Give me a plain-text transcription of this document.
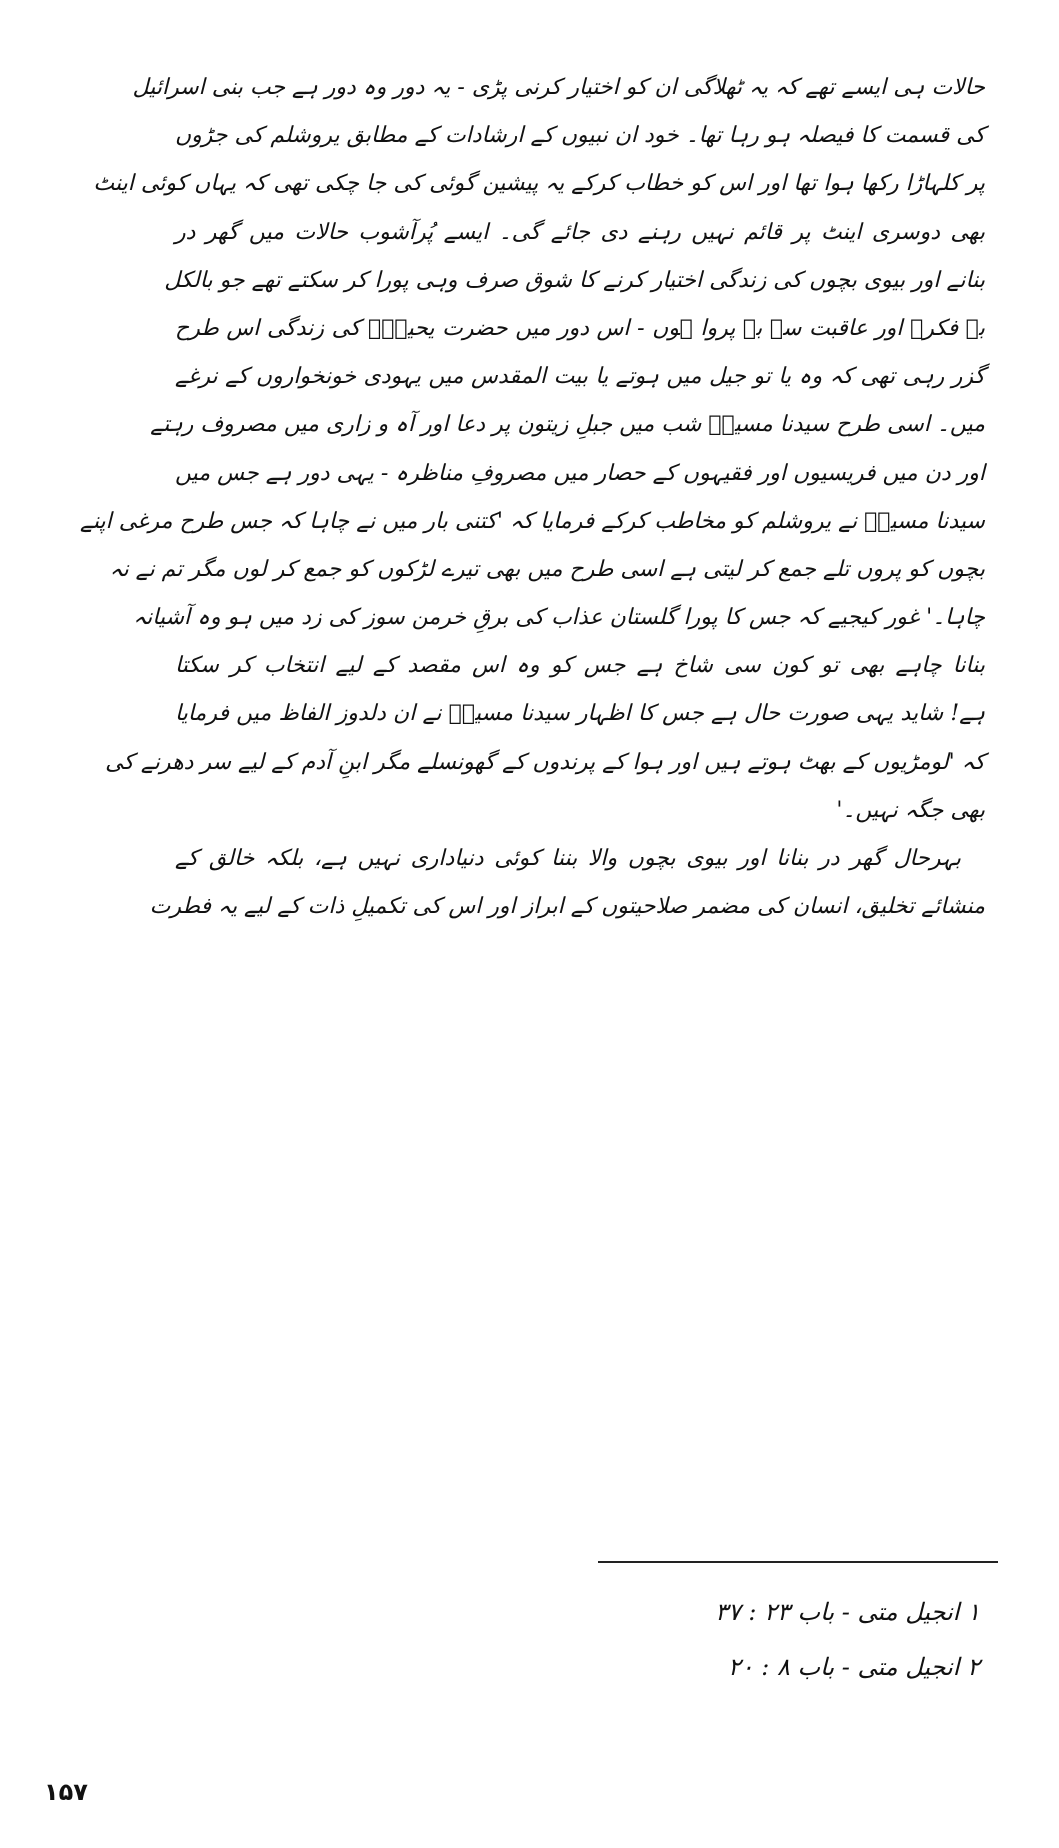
حالات ہی ایسے تھے کہ یہ ٹھلاگی ان کو اختیار کرنی پڑی - یہ دور وہ دور ہے جب بنی اسرائیل
کی قسمت کا فیصلہ ہو رہا تھا۔ خود ان نبیوں کے ارشادات کے مطابق یروشلم کی جڑوں
پر کلہاڑا رکھا ہوا تھا اور اس کو خطاب کرکے یہ پیشین گوئی کی جا چکی تھی کہ یہاں کوئی اینٹ
بھی دوسری اینٹ پر قائم نہیں رہنے دی جائے گی۔ ایسے پُرآشوب حالات میں گھر در
بنانے اور بیوی بچوں کی زندگی اختیار کرنے کا شوق صرف وہی پورا کر سکتے تھے جو بالکل
بے فکرے اور عاقبت سے بے پروا ہوں - اس دور میں حضرت یحییٰؑ کی زندگی اس طرح
گزر رہی تھی کہ وہ یا تو جیل میں ہوتے یا بیت المقدس میں یہودی خونخواروں کے نرغے
میں۔ اسی طرح سیدنا مسیحؑ شب میں جبلِ زیتون پر دعا اور آہ و زاری میں مصروف رہتے
اور دن میں فریسیوں اور فقیہوں کے حصار میں مصروفِ مناظرہ - یہی دور ہے جس میں
سیدنا مسیحؑ نے یروشلم کو مخاطب کرکے فرمایا کہ 'کتنی بار میں نے چاہا کہ جس طرح مرغی اپنے
بچوں کو پروں تلے جمع کر لیتی ہے اسی طرح میں بھی تیرے لڑکوں کو جمع کر لوں مگر تم نے نہ
چاہا۔' غور کیجیے کہ جس کا پورا گلستان عذاب کی برقِ خرمن سوز کی زد میں ہو وہ آشیانہ
بنانا چاہے بھی تو کون سی شاخ ہے جس کو وہ اس مقصد کے لیے انتخاب کر سکتا
ہے! شاید یہی صورت حال ہے جس کا اظہار سیدنا مسیحؑ نے ان دلدوز الفاظ میں فرمایا
کہ 'لومڑیوں کے بھٹ ہوتے ہیں اور ہوا کے پرندوں کے گھونسلے مگر ابنِ آدم کے لیے سر دھرنے کی
بھی جگہ نہیں۔'
بہرحال گھر در بنانا اور بیوی بچوں والا بننا کوئی دنیاداری نہیں ہے، بلکہ خالق کے
منشائے تخلیق، انسان کی مضمر صلاحیتوں کے ابراز اور اس کی تکمیلِ ذات کے لیے یہ فطرت
۱ انجیل متی - باب ۲۳ : ۳۷
۲ انجیل متی - باب ۸ : ۲۰
۱۵۷
